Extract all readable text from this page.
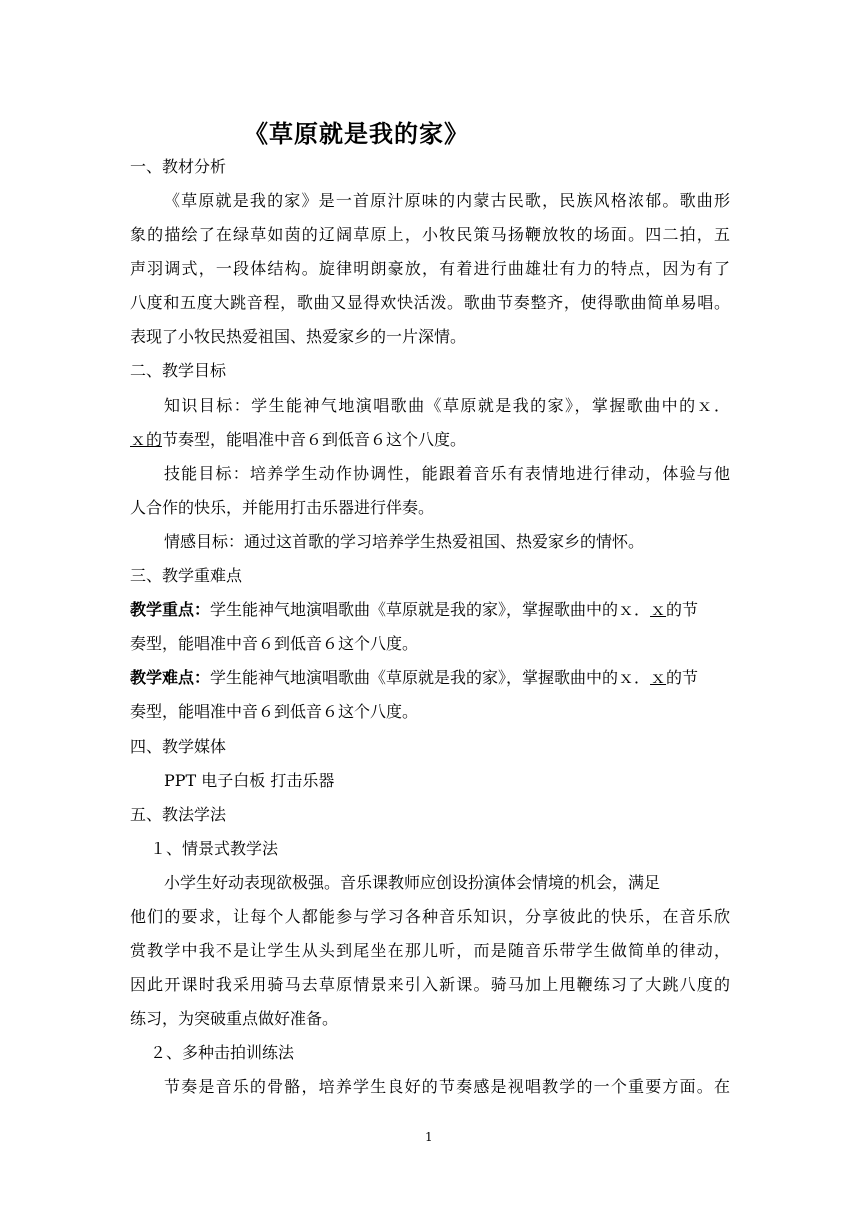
《草原就是我的家》
一、教材分析
《草原就是我的家》是一首原汁原味的内蒙古民歌，民族风格浓郁。歌曲形
象的描绘了在绿草如茵的辽阔草原上，小牧民策马扬鞭放牧的场面。四二拍，五
声羽调式，一段体结构。旋律明朗豪放，有着进行曲雄壮有力的特点，因为有了
八度和五度大跳音程，歌曲又显得欢快活泼。歌曲节奏整齐，使得歌曲简单易唱。
表现了小牧民热爱祖国、热爱家乡的一片深情。
二、教学目标
知识目标：学生能神气地演唱歌曲《草原就是我的家》，掌握歌曲中的ｘ．
ｘ的节奏型，能唱准中音６到低音６这个八度。
技能目标：培养学生动作协调性，能跟着音乐有表情地进行律动，体验与他
人合作的快乐，并能用打击乐器进行伴奏。
情感目标：通过这首歌的学习培养学生热爱祖国、热爱家乡的情怀。
三、教学重难点
教学重点：学生能神气地演唱歌曲《草原就是我的家》，掌握歌曲中的ｘ．ｘ的节
奏型，能唱准中音６到低音６这个八度。
教学难点：学生能神气地演唱歌曲《草原就是我的家》，掌握歌曲中的ｘ．ｘ的节
奏型，能唱准中音６到低音６这个八度。
四、教学媒体
PPT 电子白板 打击乐器
五、教法学法
１、情景式教学法
小学生好动表现欲极强。音乐课教师应创设扮演体会情境的机会，满足
他们的要求，让每个人都能参与学习各种音乐知识，分享彼此的快乐，在音乐欣
赏教学中我不是让学生从头到尾坐在那儿听，而是随音乐带学生做简单的律动，
因此开课时我采用骑马去草原情景来引入新课。骑马加上甩鞭练习了大跳八度的
练习，为突破重点做好准备。
２、多种击拍训练法
节奏是音乐的骨骼，培养学生良好的节奏感是视唱教学的一个重要方面。在
1
